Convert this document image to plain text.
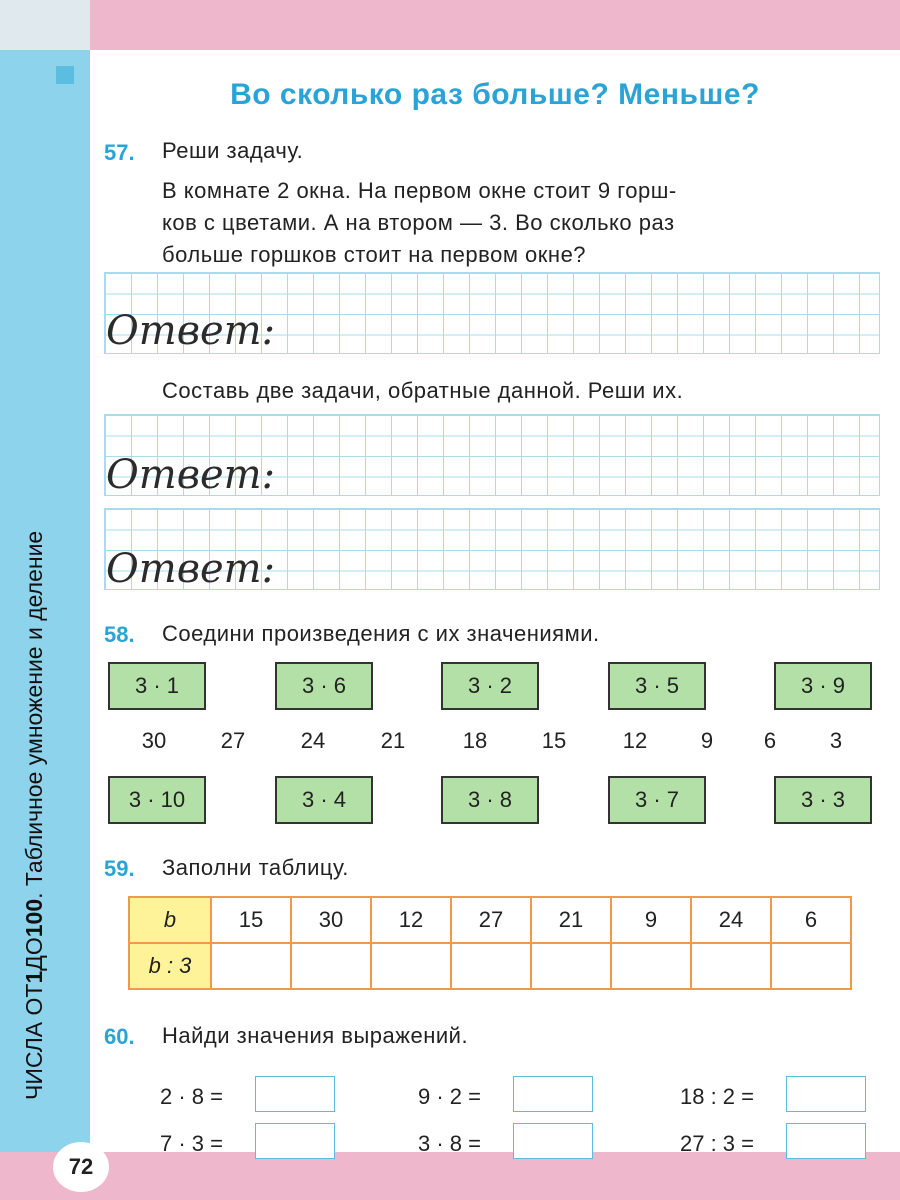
ЧИСЛА ОТ
1
ДО
100
. Табличное умножение и деление
72
Во сколько раз больше? Меньше?
57. Реши задачу.
В комнате 2 окна. На первом окне стоит 9 горш-
ков с цветами. А на втором — 3. Во сколько раз
больше горшков стоит на первом окне?
Ответ:
Составь две задачи, обратные данной. Реши их.
Ответ:
Ответ:
58. Соедини произведения с их значениями.
3 · 1	3 · 6	3 · 2	3 · 5	3 · 9
30	27	24	21	18	15	12	9	6	3
3 · 10	3 · 4	3 · 8	3 · 7	3 · 3
59. Заполни таблицу.
b	15	30	12	27	21	9	24	6
b : 3								
60. Найди значения выражений.
2 · 8 =	9 · 2 =	18 : 2 =
7 · 3 =	3 · 8 =	27 : 3 =
